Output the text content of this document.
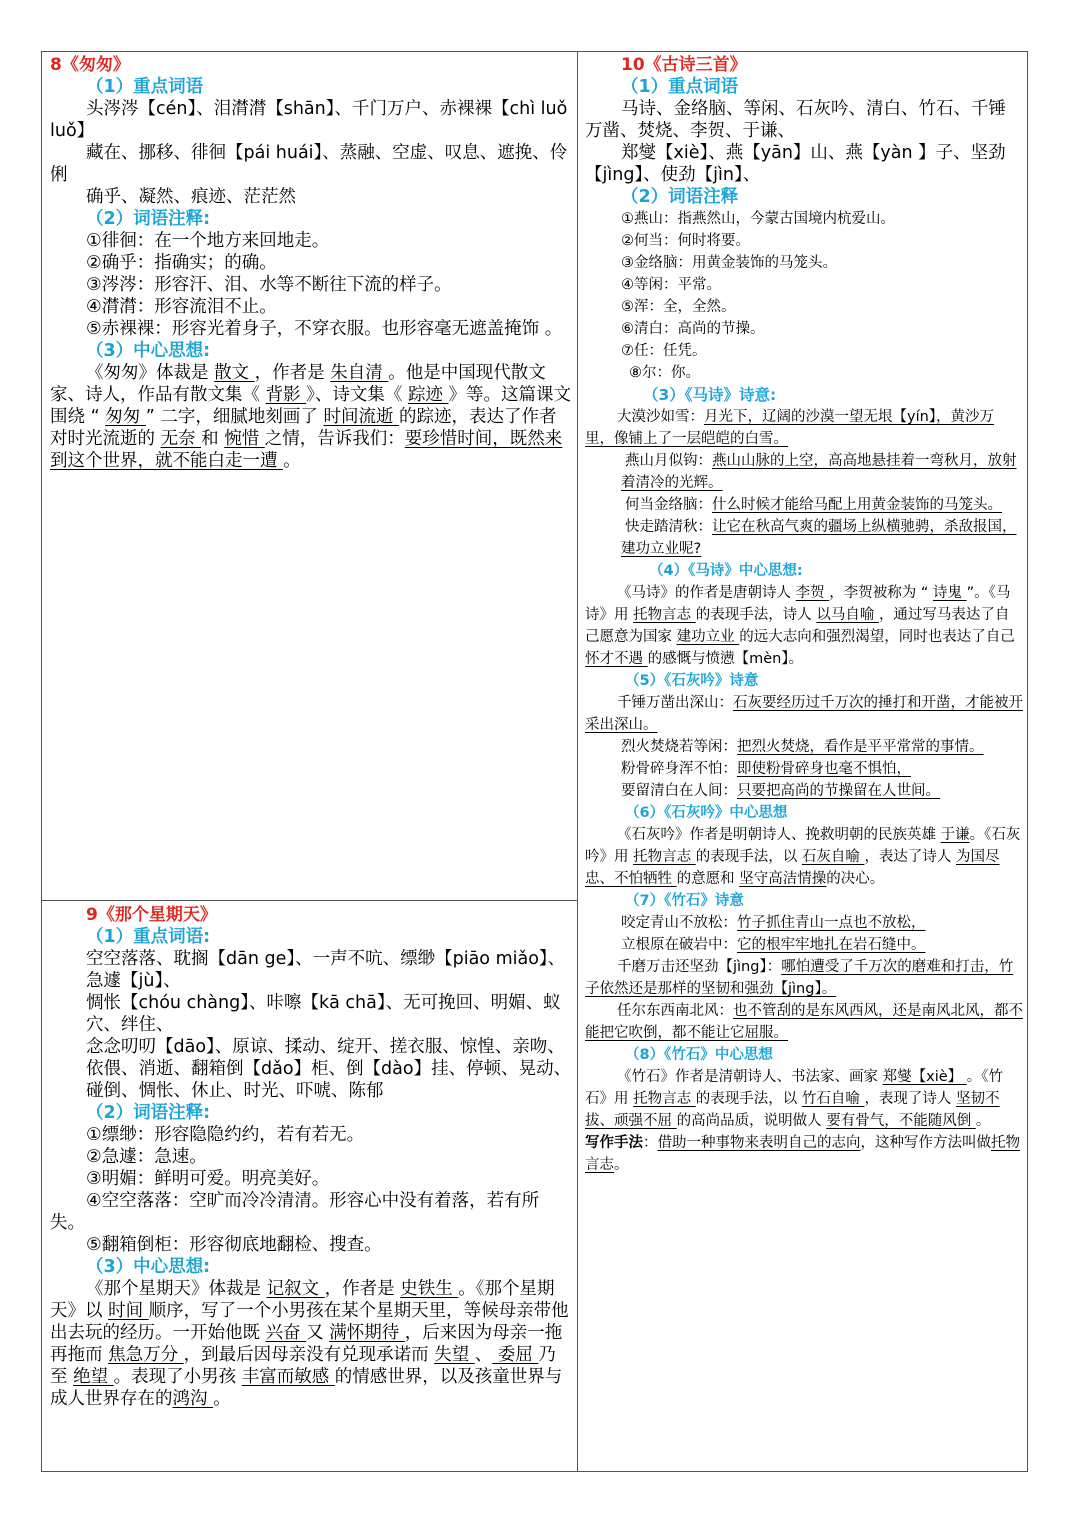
8《匆匆》
（1）重点词语
头涔涔【cén】、泪潸潸【shān】、千门万户、赤裸裸【chì luǒ luǒ】
藏在、挪移、徘徊【pái huái】、蒸融、空虚、叹息、遮挽、伶俐
确乎、凝然、痕迹、茫茫然
（2）词语注释:
①徘徊：在一个地方来回地走。
②确乎：指确实；的确。
③涔涔：形容汗、泪、水等不断往下流的样子。
④潸潸：形容流泪不止。
⑤赤裸裸：形容光着身子，不穿衣服。也形容毫无遮盖掩饰 。
（3）中心思想:
《匆匆》体裁是 散文 ，作者是 朱自清 。他是中国现代散文家、诗人，作品有散文集《 背影 》、诗文集《 踪迹 》等。这篇课文围绕 “ 匆匆 ” 二字，细腻地刻画了 时间流逝 的踪迹，表达了作者对时光流逝的 无奈 和 惋惜 之情，告诉我们：要珍惜时间，既然来到这个世界，就不能白走一遭 。
9《那个星期天》
（1）重点词语:
空空落落、耽搁【dān ge】、一声不吭、缥缈【piāo miǎo】、急遽【jù】、
惆怅【chóu chàng】、咔嚓【kā chā】、无可挽回、明媚、蚁穴、绊住、
念念叨叨【dāo】、原谅、揉动、绽开、搓衣服、惊惶、亲吻、依偎、消逝、翻箱倒【dǎo】柜、倒【dào】挂、停顿、晃动、碰倒、惆怅、休止、时光、吓唬、陈郁
（2）词语注释:
①缥缈：形容隐隐约约，若有若无。
②急遽：急速。
③明媚：鲜明可爱。明亮美好。
④空空落落：空旷而冷冷清清。形容心中没有着落，若有所失。
⑤翻箱倒柜：形容彻底地翻检、搜查。
（3）中心思想:
《那个星期天》体裁是 记叙文 ，作者是 史铁生 。《那个星期天》以 时间 顺序，写了一个小男孩在某个星期天里，等候母亲带他出去玩的经历。一开始他既 兴奋 又 满怀期待 ，后来因为母亲一拖再拖而 焦急万分 ，到最后因母亲没有兑现承诺而 失望 、 委屈 乃至 绝望 。表现了小男孩 丰富而敏感 的情感世界，以及孩童世界与成人世界存在的鸿沟 。
10《古诗三首》
（1）重点词语
马诗、金络脑、等闲、石灰吟、清白、竹石、千锤万凿、焚烧、李贺、于谦、
郑燮【xiè】、燕【yān】山、燕【yàn 】子、坚劲【jìng】、使劲【jìn】、
（2）词语注释
①燕山：指燕然山，今蒙古国境内杭爱山。
②何当：何时将要。
③金络脑：用黄金装饰的马笼头。
④等闲：平常。
⑤浑：全，全然。
⑥清白：高尚的节操。
⑦任：任凭。
⑧尔：你。
（3）《马诗》诗意:
大漠沙如雪：月光下，辽阔的沙漠一望无垠【yín】，黄沙万里，像铺上了一层皑皑的白雪。
燕山月似钩：燕山山脉的上空，高高地悬挂着一弯秋月，放射着清冷的光辉。
何当金络脑：什么时候才能给马配上用黄金装饰的马笼头。
快走踏清秋：让它在秋高气爽的疆场上纵横驰骋，杀敌报国，建功立业呢?
（4）《马诗》中心思想:
《马诗》的作者是唐朝诗人 李贺 ，李贺被称为 “ 诗鬼 ”。《马诗》用 托物言志 的表现手法，诗人 以马自喻 ，通过写马表达了自己愿意为国家 建功立业 的远大志向和强烈渴望，同时也表达了自己 怀才不遇 的感慨与愤懑【mèn】。
（5）《石灰吟》诗意
千锤万凿出深山：石灰要经历过千万次的捶打和开凿，才能被开采出深山。
烈火焚烧若等闲：把烈火焚烧，看作是平平常常的事情。
粉骨碎身浑不怕：即使粉骨碎身也毫不惧怕，
要留清白在人间：只要把高尚的节操留在人世间。
（6）《石灰吟》中心思想
《石灰吟》作者是明朝诗人、挽救明朝的民族英雄 于谦。《石灰吟》用 托物言志 的表现手法，以 石灰自喻 ，表达了诗人 为国尽忠、不怕牺牲 的意愿和 坚守高洁情操的决心。
（7）《竹石》诗意
咬定青山不放松：竹子抓住青山一点也不放松，
立根原在破岩中：它的根牢牢地扎在岩石缝中。
千磨万击还坚劲【jìng】：哪怕遭受了千万次的磨难和打击，竹子依然还是那样的坚韧和强劲【jìng】。
任尔东西南北风：也不管刮的是东风西风，还是南风北风，都不能把它吹倒，都不能让它屈服。
（8）《竹石》中心思想
《竹石》作者是清朝诗人、书法家、画家 郑燮【xiè】 。《竹石》用 托物言志 的表现手法，以 竹石自喻 ，表现了诗人 坚韧不拔、顽强不屈 的高尚品质，说明做人 要有骨气，不能随风倒 。
写作手法：借助一种事物来表明自己的志向，这种写作方法叫做托物言志。
